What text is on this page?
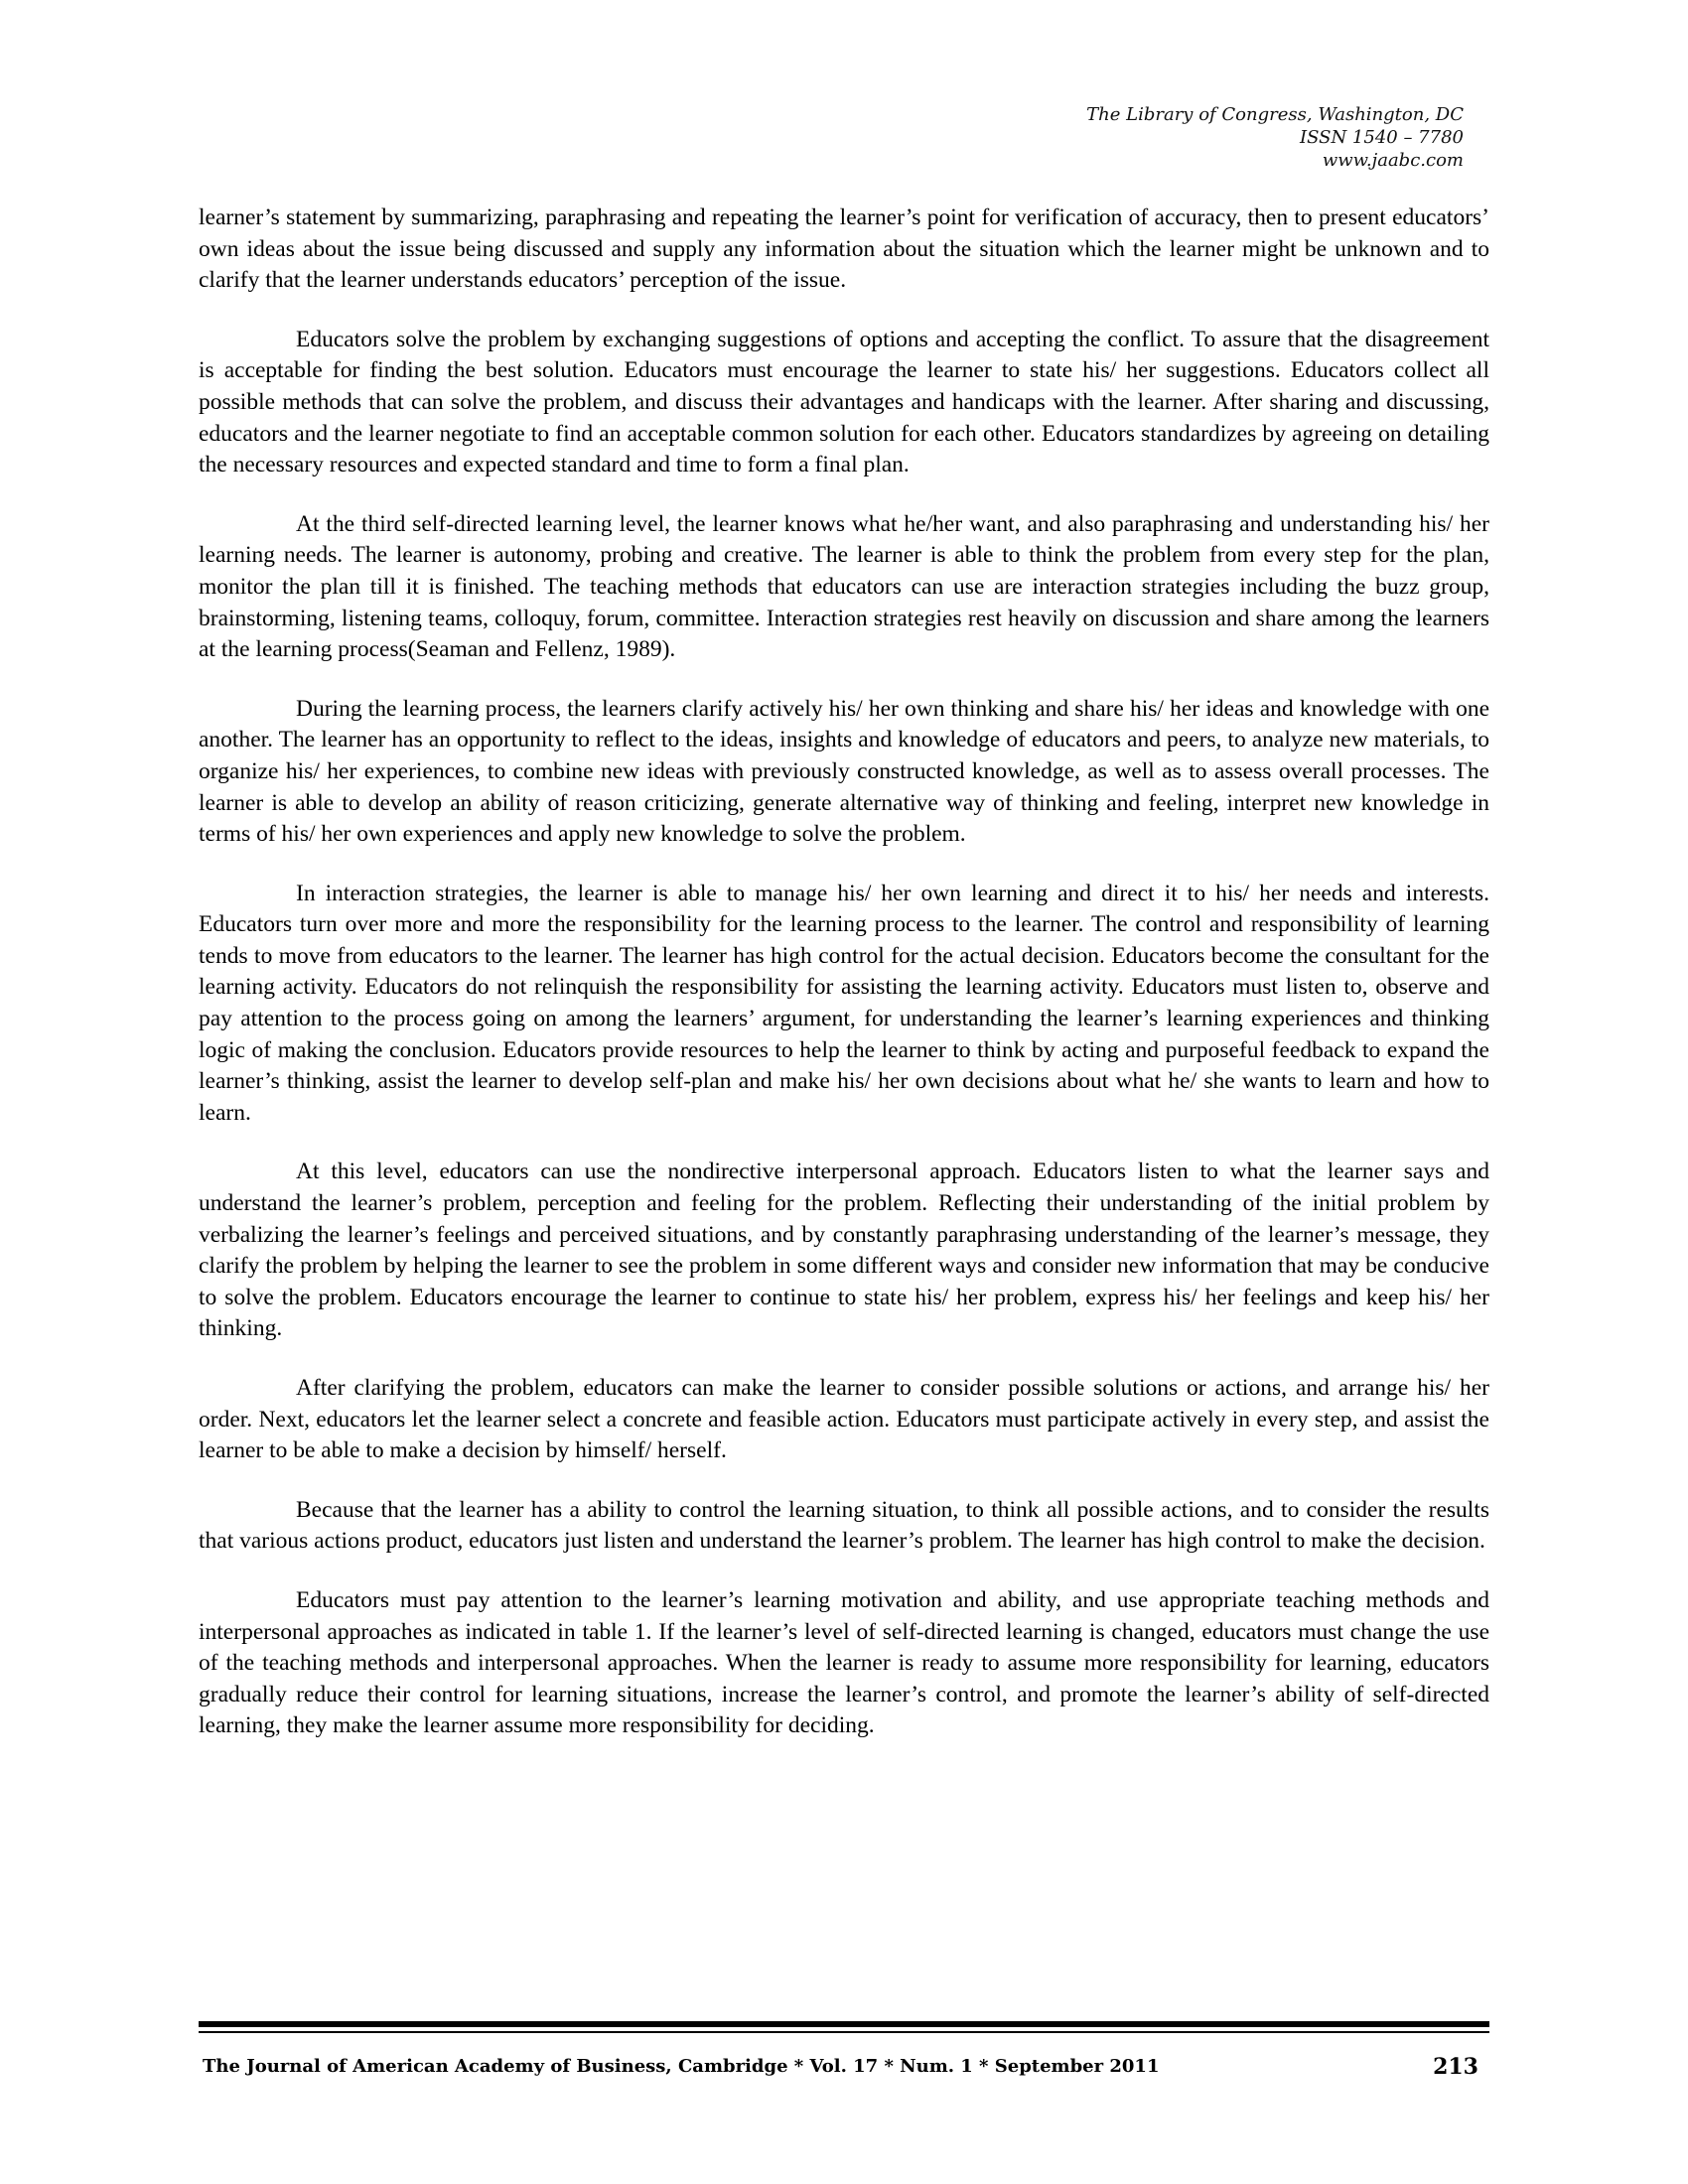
The Library of Congress, Washington, DC
ISSN 1540 – 7780
www.jaabc.com

learner’s statement by summarizing, paraphrasing and repeating the learner’s point for verification of accuracy, then to present educators’ own ideas about the issue being discussed and supply any information about the situation which the learner might be unknown and to clarify that the learner understands educators’ perception of the issue.

Educators solve the problem by exchanging suggestions of options and accepting the conflict. To assure that the disagreement is acceptable for finding the best solution. Educators must encourage the learner to state his/ her suggestions. Educators collect all possible methods that can solve the problem, and discuss their advantages and handicaps with the learner. After sharing and discussing, educators and the learner negotiate to find an acceptable common solution for each other. Educators standardizes by agreeing on detailing the necessary resources and expected standard and time to form a final plan.

At the third self-directed learning level, the learner knows what he/her want, and also paraphrasing and understanding his/ her learning needs. The learner is autonomy, probing and creative. The learner is able to think the problem from every step for the plan, monitor the plan till it is finished. The teaching methods that educators can use are interaction strategies including the buzz group, brainstorming, listening teams, colloquy, forum, committee. Interaction strategies rest heavily on discussion and share among the learners at the learning process(Seaman and Fellenz, 1989).

During the learning process, the learners clarify actively his/ her own thinking and share his/ her ideas and knowledge with one another. The learner has an opportunity to reflect to the ideas, insights and knowledge of educators and peers, to analyze new materials, to organize his/ her experiences, to combine new ideas with previously constructed knowledge, as well as to assess overall processes. The learner is able to develop an ability of reason criticizing, generate alternative way of thinking and feeling, interpret new knowledge in terms of his/ her own experiences and apply new knowledge to solve the problem.

In interaction strategies, the learner is able to manage his/ her own learning and direct it to his/ her needs and interests. Educators turn over more and more the responsibility for the learning process to the learner. The control and responsibility of learning tends to move from educators to the learner. The learner has high control for the actual decision. Educators become the consultant for the learning activity. Educators do not relinquish the responsibility for assisting the learning activity. Educators must listen to, observe and pay attention to the process going on among the learners’ argument, for understanding the learner’s learning experiences and thinking logic of making the conclusion. Educators provide resources to help the learner to think by acting and purposeful feedback to expand the learner’s thinking, assist the learner to develop self-plan and make his/ her own decisions about what he/ she wants to learn and how to learn.

At this level, educators can use the nondirective interpersonal approach. Educators listen to what the learner says and understand the learner’s problem, perception and feeling for the problem. Reflecting their understanding of the initial problem by verbalizing the learner’s feelings and perceived situations, and by constantly paraphrasing understanding of the learner’s message, they clarify the problem by helping the learner to see the problem in some different ways and consider new information that may be conducive to solve the problem. Educators encourage the learner to continue to state his/ her problem, express his/ her feelings and keep his/ her thinking.

After clarifying the problem, educators can make the learner to consider possible solutions or actions, and arrange his/ her order. Next, educators let the learner select a concrete and feasible action. Educators must participate actively in every step, and assist the learner to be able to make a decision by himself/ herself.

Because that the learner has a ability to control the learning situation, to think all possible actions, and to consider the results that various actions product, educators just listen and understand the learner’s problem. The learner has high control to make the decision.

Educators must pay attention to the learner’s learning motivation and ability, and use appropriate teaching methods and interpersonal approaches as indicated in table 1. If the learner’s level of self-directed learning is changed, educators must change the use of the teaching methods and interpersonal approaches. When the learner is ready to assume more responsibility for learning, educators gradually reduce their control for learning situations, increase the learner’s control, and promote the learner’s ability of self-directed learning, they make the learner assume more responsibility for deciding.

The Journal of American Academy of Business, Cambridge * Vol. 17 * Num. 1 * September 2011	213
